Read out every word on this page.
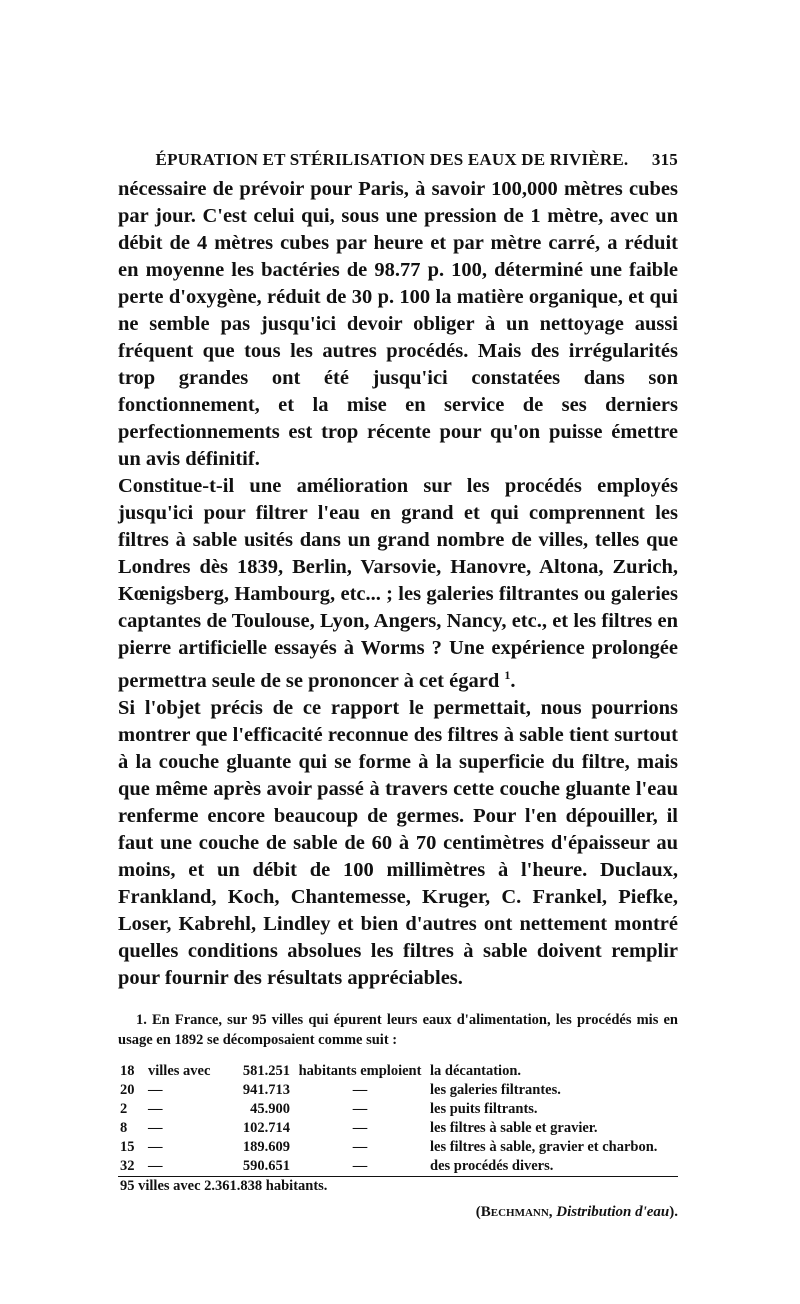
ÉPURATION ET STÉRILISATION DES EAUX DE RIVIÈRE.	315

nécessaire de prévoir pour Paris, à savoir 100,000 mètres cubes par jour. C'est celui qui, sous une pression de 1 mètre, avec un débit de 4 mètres cubes par heure et par mètre carré, a réduit en moyenne les bactéries de 98.77 p. 100, déterminé une faible perte d'oxygène, réduit de 30 p. 100 la matière organique, et qui ne semble pas jusqu'ici devoir obliger à un nettoyage aussi fréquent que tous les autres procédés. Mais des irrégularités trop grandes ont été jusqu'ici constatées dans son fonctionnement, et la mise en service de ses derniers perfectionnements est trop récente pour qu'on puisse émettre un avis définitif.

Constitue-t-il une amélioration sur les procédés employés jusqu'ici pour filtrer l'eau en grand et qui comprennent les filtres à sable usités dans un grand nombre de villes, telles que Londres dès 1839, Berlin, Varsovie, Hanovre, Altona, Zurich, Kœnigsberg, Hambourg, etc... ; les galeries filtrantes ou galeries captantes de Toulouse, Lyon, Angers, Nancy, etc., et les filtres en pierre artificielle essayés à Worms ? Une expérience prolongée permettra seule de se prononcer à cet égard $^1$.

Si l'objet précis de ce rapport le permettait, nous pourrions montrer que l'efficacité reconnue des filtres à sable tient surtout à la couche gluante qui se forme à la superficie du filtre, mais que même après avoir passé à travers cette couche gluante l'eau renferme encore beaucoup de germes. Pour l'en dépouiller, il faut une couche de sable de 60 à 70 centimètres d'épaisseur au moins, et un débit de 100 millimètres à l'heure. Duclaux, Frankland, Koch, Chantemesse, Kruger, C. Frankel, Piefke, Loser, Kabrehl, Lindley et bien d'autres ont nettement montré quelles conditions absolues les filtres à sable doivent remplir pour fournir des résultats appréciables.

1. En France, sur 95 villes qui épurent leurs eaux d'alimentation, les procédés mis en usage en 1892 se décomposaient comme suit :

18	villes avec	581.251	habitants emploient	la décantation.
20	—	941.713	—	les galeries filtrantes.
2	—	45.900	—	les puits filtrants.
8	—	102.714	—	les filtres à sable et gravier.
15	—	189.609	—	les filtres à sable, gravier et charbon.
32	—	590.651	—	des procédés divers.
95 villes avec 2.361.838 habitants.				
(Bechmann, Distribution d'eau).
